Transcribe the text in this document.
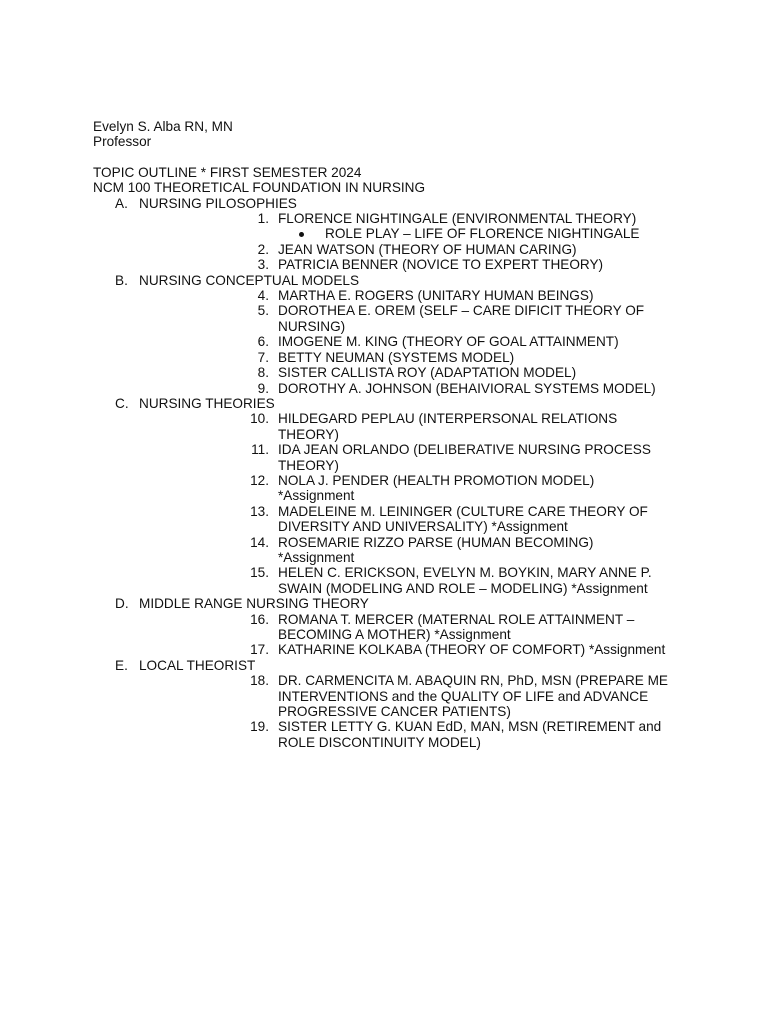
Evelyn S. Alba RN, MN
Professor
TOPIC OUTLINE * FIRST SEMESTER 2024
NCM 100 THEORETICAL FOUNDATION IN NURSING
A. NURSING PILOSOPHIES
1. FLORENCE NIGHTINGALE (ENVIRONMENTAL THEORY)
ROLE PLAY – LIFE OF FLORENCE NIGHTINGALE
2. JEAN WATSON (THEORY OF HUMAN CARING)
3. PATRICIA BENNER (NOVICE TO EXPERT THEORY)
B. NURSING CONCEPTUAL MODELS
4. MARTHA E. ROGERS (UNITARY HUMAN BEINGS)
5. DOROTHEA E. OREM (SELF – CARE DIFICIT THEORY OF NURSING)
6. IMOGENE M. KING (THEORY OF GOAL ATTAINMENT)
7. BETTY NEUMAN (SYSTEMS MODEL)
8. SISTER CALLISTA ROY (ADAPTATION MODEL)
9. DOROTHY A. JOHNSON (BEHAIVIORAL SYSTEMS MODEL)
C. NURSING THEORIES
10. HILDEGARD PEPLAU (INTERPERSONAL RELATIONS THEORY)
11. IDA JEAN ORLANDO (DELIBERATIVE NURSING PROCESS THEORY)
12. NOLA J. PENDER (HEALTH PROMOTION MODEL) *Assignment
13. MADELEINE M. LEININGER (CULTURE CARE THEORY OF DIVERSITY AND UNIVERSALITY) *Assignment
14. ROSEMARIE RIZZO PARSE (HUMAN BECOMING) *Assignment
15. HELEN C. ERICKSON, EVELYN M. BOYKIN, MARY ANNE P. SWAIN (MODELING AND ROLE – MODELING) *Assignment
D. MIDDLE RANGE NURSING THEORY
16. ROMANA T. MERCER (MATERNAL ROLE ATTAINMENT – BECOMING A MOTHER) *Assignment
17. KATHARINE KOLKABA (THEORY OF COMFORT) *Assignment
E. LOCAL THEORIST
18. DR. CARMENCITA M. ABAQUIN RN, PhD, MSN (PREPARE ME INTERVENTIONS and the QUALITY OF LIFE and ADVANCE PROGRESSIVE CANCER PATIENTS)
19. SISTER LETTY G. KUAN EdD, MAN, MSN (RETIREMENT and ROLE DISCONTINUITY MODEL)
